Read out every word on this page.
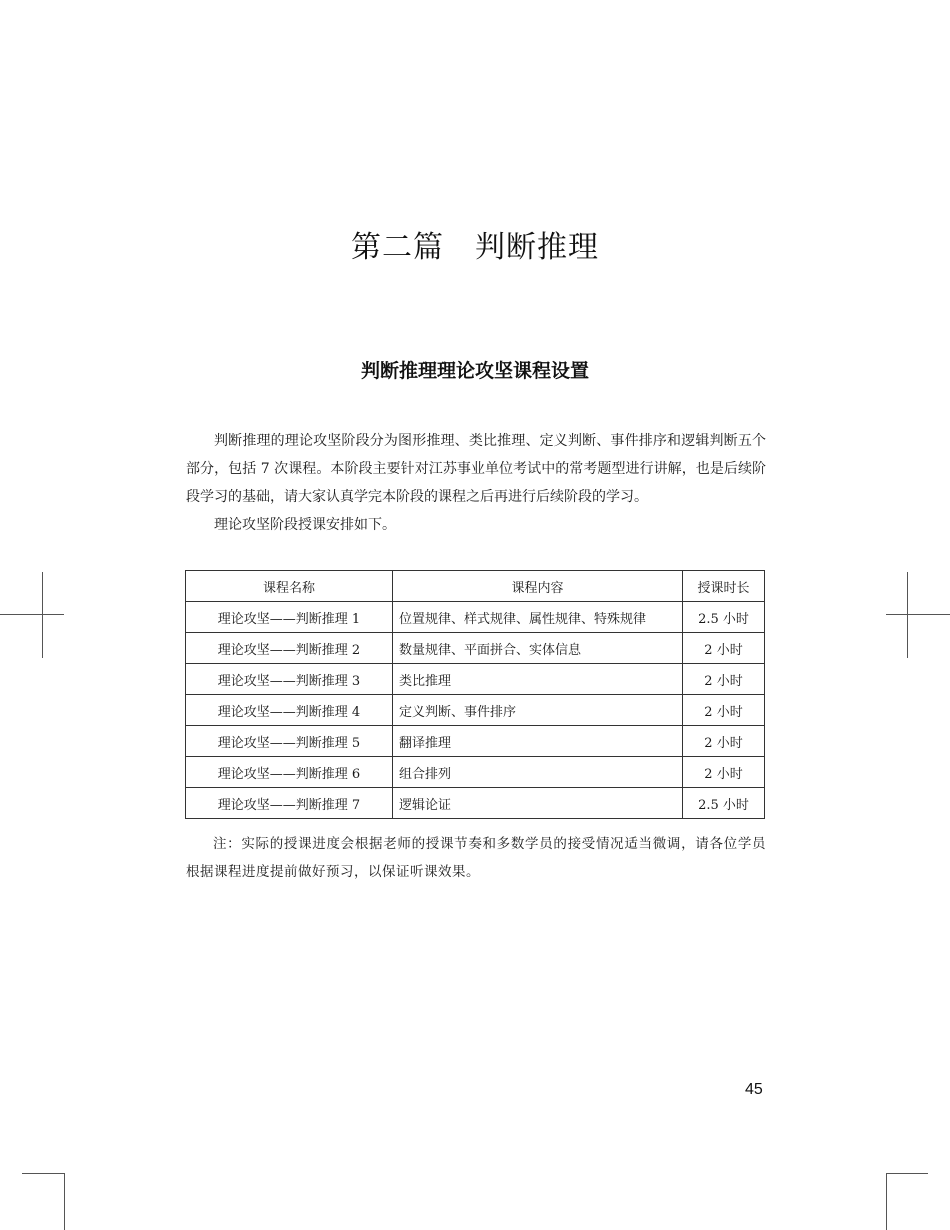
第二篇　判断推理
判断推理理论攻坚课程设置

判断推理的理论攻坚阶段分为图形推理、类比推理、定义判断、事件排序和逻辑判断五个部分，包括 7 次课程。本阶段主要针对江苏事业单位考试中的常考题型进行讲解，也是后续阶段学习的基础，请大家认真学完本阶段的课程之后再进行后续阶段的学习。

理论攻坚阶段授课安排如下。

课程名称	课程内容	授课时长
理论攻坚——判断推理 1	位置规律、样式规律、属性规律、特殊规律	2.5 小时
理论攻坚——判断推理 2	数量规律、平面拼合、实体信息	2 小时
理论攻坚——判断推理 3	类比推理	2 小时
理论攻坚——判断推理 4	定义判断、事件排序	2 小时
理论攻坚——判断推理 5	翻译推理	2 小时
理论攻坚——判断推理 6	组合排列	2 小时
理论攻坚——判断推理 7	逻辑论证	2.5 小时

注：实际的授课进度会根据老师的授课节奏和多数学员的接受情况适当微调，请各位学员根据课程进度提前做好预习，以保证听课效果。

45
